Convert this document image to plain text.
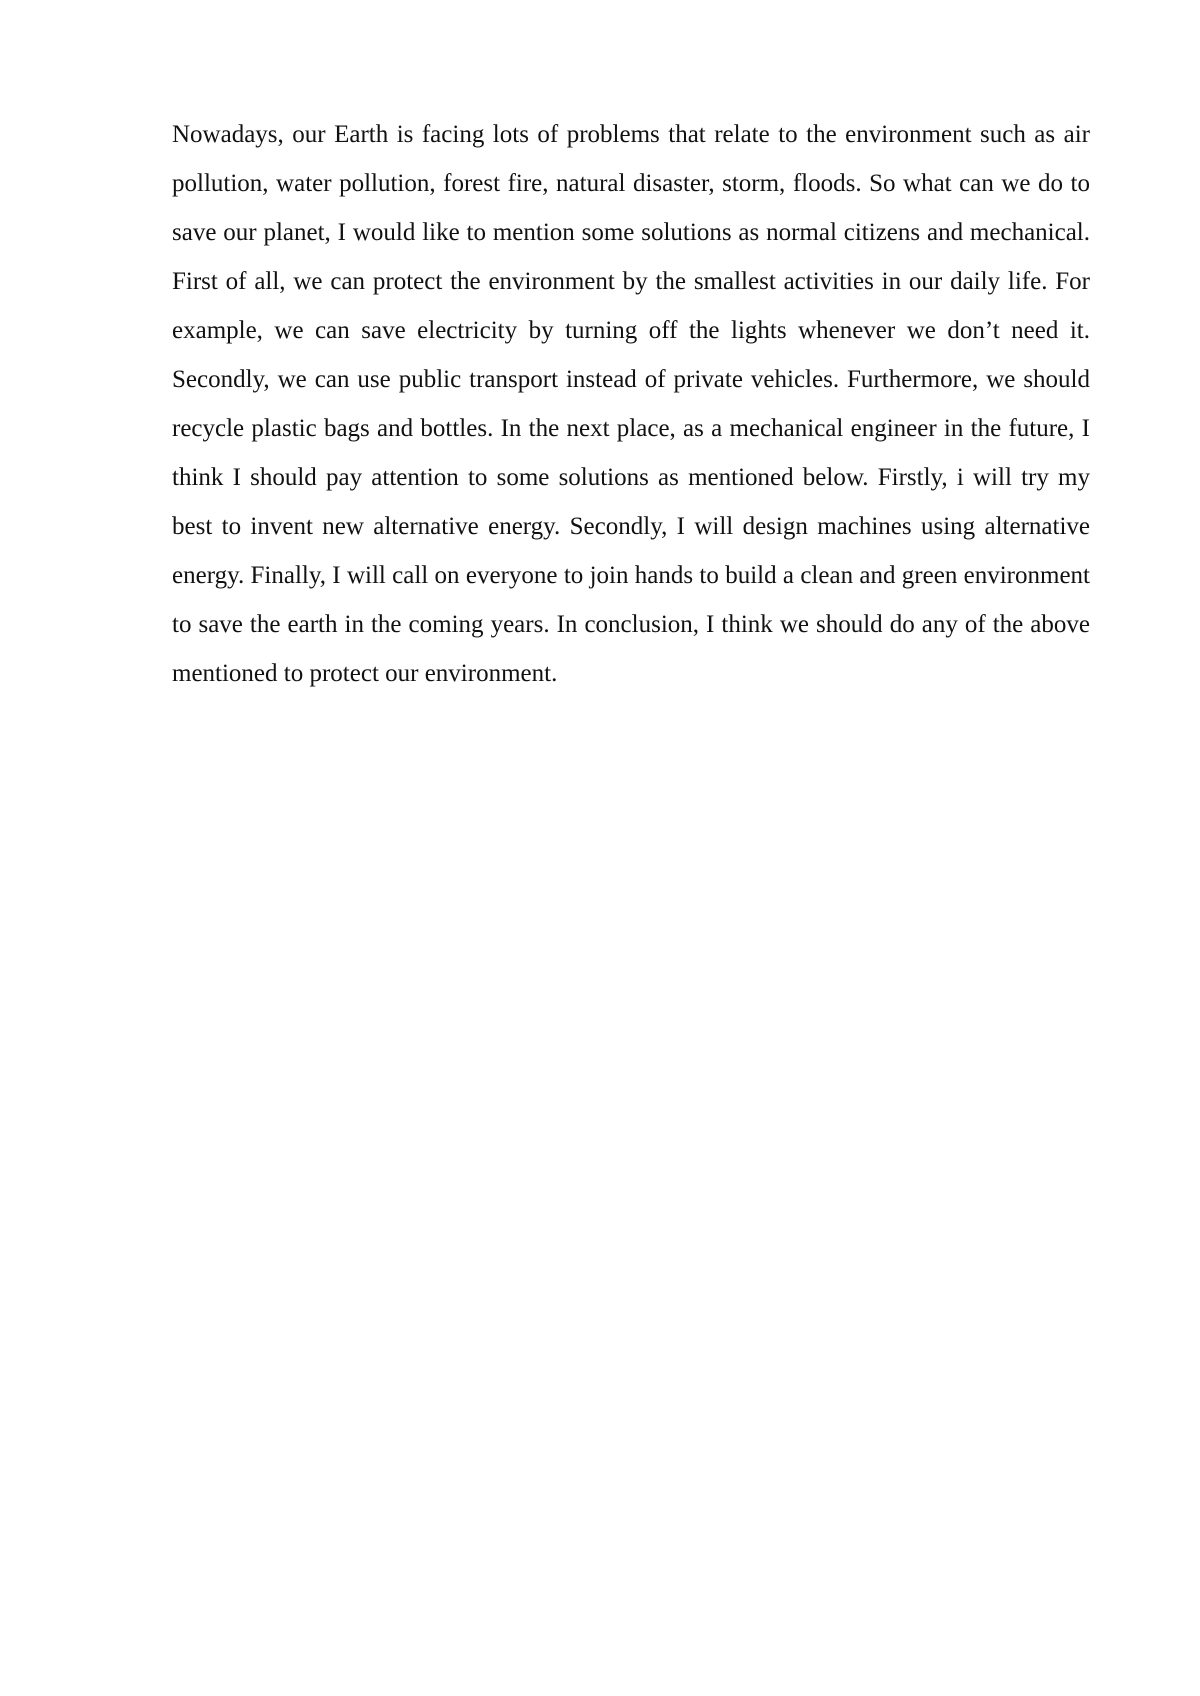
Nowadays, our Earth is facing lots of problems that relate to the environment such as air pollution, water pollution, forest fire, natural disaster, storm, floods. So what can we do to save our planet, I would like to mention some solutions as normal citizens and mechanical. First of all, we can protect the environment by the smallest activities in our daily life. For example, we can save electricity by turning off the lights whenever we don’t need it. Secondly, we can use public transport instead of private vehicles. Furthermore, we should recycle plastic bags and bottles. In the next place, as a mechanical engineer in the future, I think I should pay attention to some solutions as mentioned below. Firstly, i will try my best to invent new alternative energy. Secondly, I will design machines using alternative energy. Finally, I will call on everyone to join hands to build a clean and green environment to save the earth in the coming years. In conclusion, I think we should do any of the above mentioned to protect our environment.
